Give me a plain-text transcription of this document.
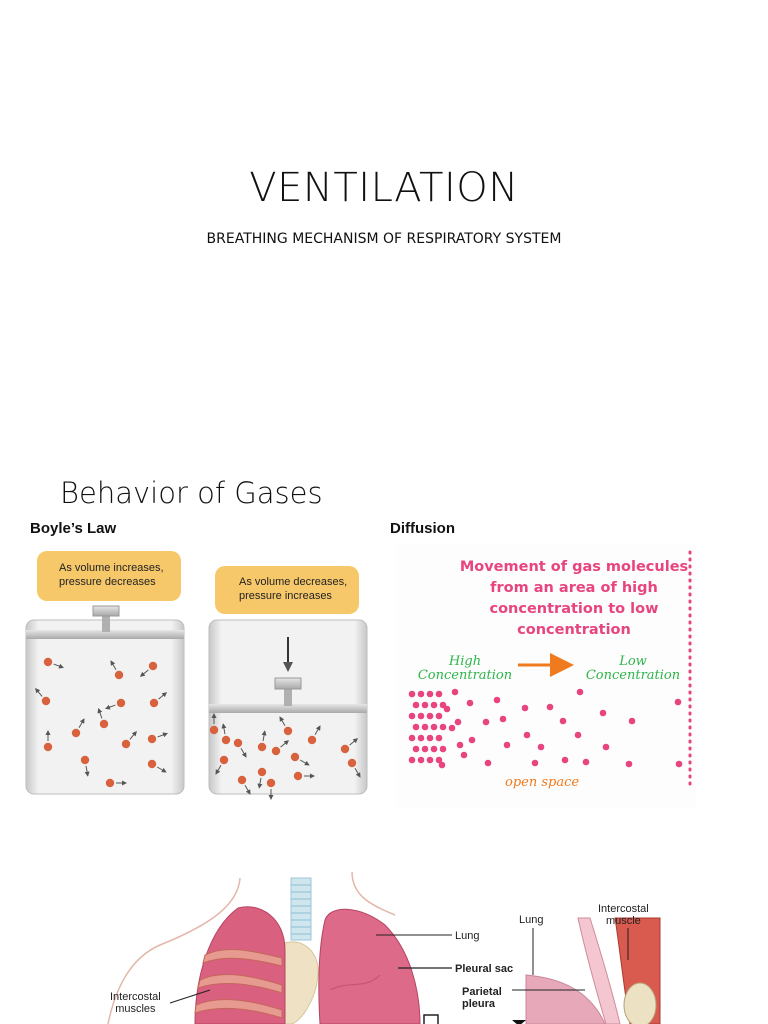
VENTILATION
BREATHING MECHANISM OF RESPIRATORY SYSTEM
Behavior of Gases
Boyle’s Law	Diffusion
As volume increases,
pressure decreases	As volume decreases,
pressure increases
Movement of gas molecules
from an area of high
concentration to low
concentration
High
Concentration
Low
Concentration
open space
Lung
Pleural sac
Parietal
pleura
Intercostal
muscles
Lung
Intercostal
muscle
